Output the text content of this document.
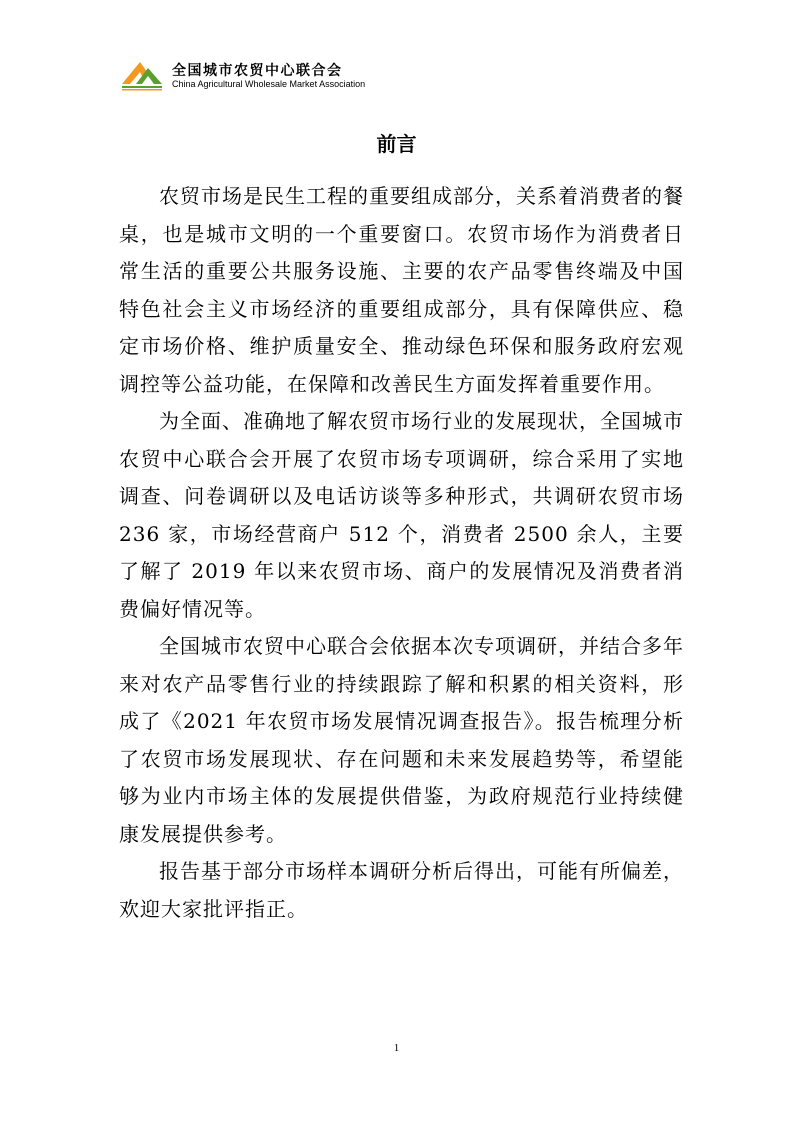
全国城市农贸中心联合会
China Agricultural Wholesale Market Association
前言

农贸市场是民生工程的重要组成部分，关系着消费者的餐桌，也是城市文明的一个重要窗口。农贸市场作为消费者日常生活的重要公共服务设施、主要的农产品零售终端及中国特色社会主义市场经济的重要组成部分，具有保障供应、稳定市场价格、维护质量安全、推动绿色环保和服务政府宏观调控等公益功能，在保障和改善民生方面发挥着重要作用。

为全面、准确地了解农贸市场行业的发展现状，全国城市农贸中心联合会开展了农贸市场专项调研，综合采用了实地调查、问卷调研以及电话访谈等多种形式，共调研农贸市场 236 家，市场经营商户 512 个，消费者 2500 余人，主要了解了 2019 年以来农贸市场、商户的发展情况及消费者消费偏好情况等。

全国城市农贸中心联合会依据本次专项调研，并结合多年来对农产品零售行业的持续跟踪了解和积累的相关资料，形成了《2021 年农贸市场发展情况调查报告》。报告梳理分析了农贸市场发展现状、存在问题和未来发展趋势等，希望能够为业内市场主体的发展提供借鉴，为政府规范行业持续健康发展提供参考。

报告基于部分市场样本调研分析后得出，可能有所偏差，欢迎大家批评指正。

1
